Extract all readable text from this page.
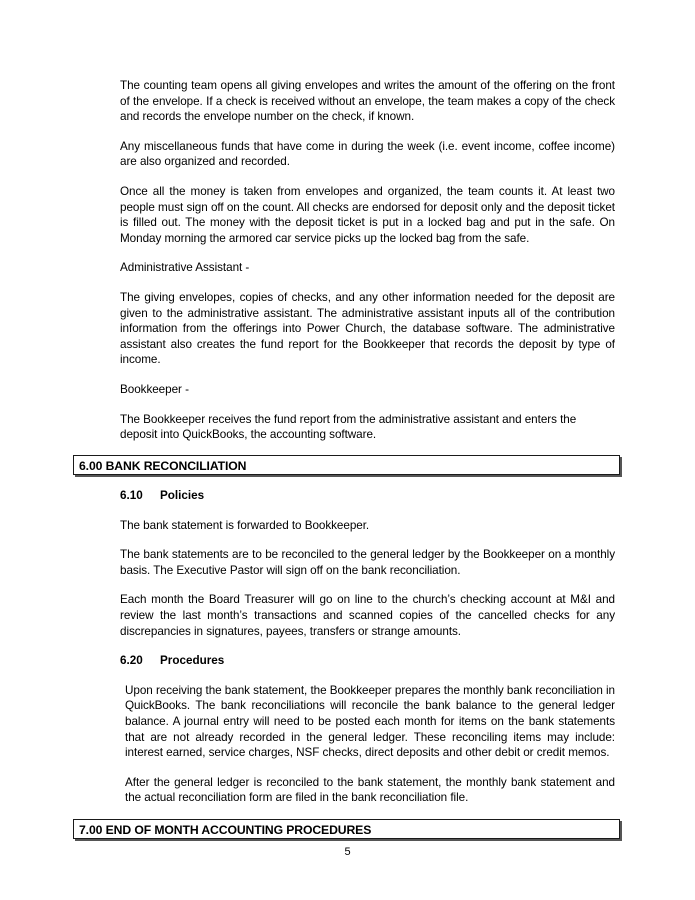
The counting team opens all giving envelopes and writes the amount of the offering on the front of the envelope. If a check is received without an envelope, the team makes a copy of the check and records the envelope number on the check, if known.

Any miscellaneous funds that have come in during the week (i.e. event income, coffee income) are also organized and recorded.

Once all the money is taken from envelopes and organized, the team counts it. At least two people must sign off on the count. All checks are endorsed for deposit only and the deposit ticket is filled out. The money with the deposit ticket is put in a locked bag and put in the safe. On Monday morning the armored car service picks up the locked bag from the safe.

Administrative Assistant -

The giving envelopes, copies of checks, and any other information needed for the deposit are given to the administrative assistant. The administrative assistant inputs all of the contribution information from the offerings into Power Church, the database software. The administrative assistant also creates the fund report for the Bookkeeper that records the deposit by type of income.

Bookkeeper -

The Bookkeeper receives the fund report from the administrative assistant and enters the deposit into QuickBooks, the accounting software.

6.00 BANK RECONCILIATION
6.10 Policies

The bank statement is forwarded to Bookkeeper.

The bank statements are to be reconciled to the general ledger by the Bookkeeper on a monthly basis. The Executive Pastor will sign off on the bank reconciliation.

Each month the Board Treasurer will go on line to the church’s checking account at M&I and review the last month’s transactions and scanned copies of the cancelled checks for any discrepancies in signatures, payees, transfers or strange amounts.

6.20 Procedures

Upon receiving the bank statement, the Bookkeeper prepares the monthly bank reconciliation in QuickBooks. The bank reconciliations will reconcile the bank balance to the general ledger balance. A journal entry will need to be posted each month for items on the bank statements that are not already recorded in the general ledger. These reconciling items may include: interest earned, service charges, NSF checks, direct deposits and other debit or credit memos.

After the general ledger is reconciled to the bank statement, the monthly bank statement and the actual reconciliation form are filed in the bank reconciliation file.

7.00 END OF MONTH ACCOUNTING PROCEDURES
5
